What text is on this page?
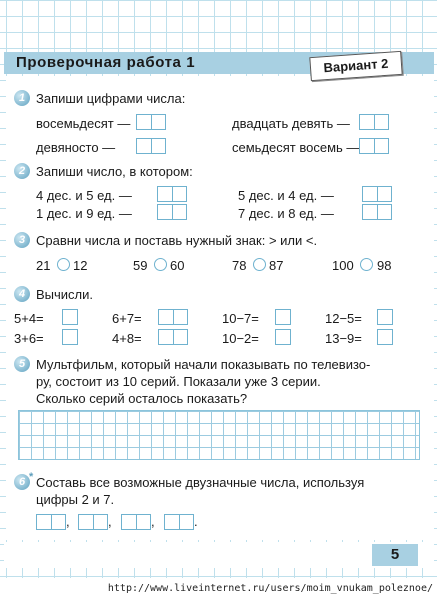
Проверочная работа 1	Вариант 2
1 Запиши цифрами числа:
восемьдесят —	двадцать девять —
девяносто —	семьдесят восемь —
2 Запиши число, в котором:
4 дес. и 5 ед. —	5 дес. и 4 ед. —
1 дес. и 9 ед. —	7 дес. и 8 ед. —
3 Сравни числа и поставь нужный знак: > или <.
21 12	59 60	78 87	100 98
4 Вычисли.
5+4=	6+7=	10−7=	12−5=
3+6=	4+8=	10−2=	13−9=
5 Мультфильм, который начали показывать по телевизо-
ру, состоит из 10 серий. Показали уже 3 серии.
Сколько серий осталось показать?
6 * Составь все возможные двузначные числа, используя
цифры 2 и 7.
,	,	,	.
5
http://www.liveinternet.ru/users/moim_vnukam_poleznoe/
